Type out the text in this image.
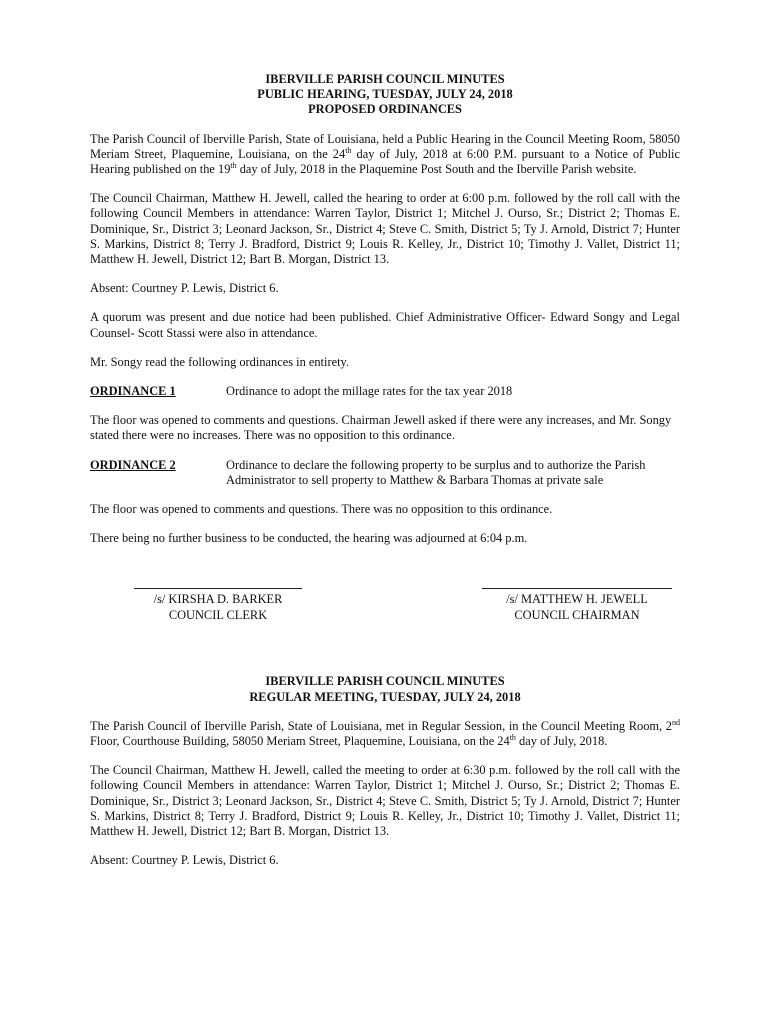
IBERVILLE PARISH COUNCIL MINUTES
PUBLIC HEARING, TUESDAY, JULY 24, 2018
PROPOSED ORDINANCES

The Parish Council of Iberville Parish, State of Louisiana, held a Public Hearing in the Council Meeting Room, 58050 Meriam Street, Plaquemine, Louisiana, on the 24th day of July, 2018 at 6:00 P.M. pursuant to a Notice of Public Hearing published on the 19th day of July, 2018 in the Plaquemine Post South and the Iberville Parish website.

The Council Chairman, Matthew H. Jewell, called the hearing to order at 6:00 p.m. followed by the roll call with the following Council Members in attendance: Warren Taylor, District 1; Mitchel J. Ourso, Sr.; District 2; Thomas E. Dominique, Sr., District 3; Leonard Jackson, Sr., District 4; Steve C. Smith, District 5; Ty J. Arnold, District 7; Hunter S. Markins, District 8; Terry J. Bradford, District 9; Louis R. Kelley, Jr., District 10; Timothy J. Vallet, District 11; Matthew H. Jewell, District 12; Bart B. Morgan, District 13.

Absent: Courtney P. Lewis, District 6.

A quorum was present and due notice had been published. Chief Administrative Officer- Edward Songy and Legal Counsel- Scott Stassi were also in attendance.

Mr. Songy read the following ordinances in entirety.

ORDINANCE 1	Ordinance to adopt the millage rates for the tax year 2018

The floor was opened to comments and questions. Chairman Jewell asked if there were any increases, and Mr. Songy stated there were no increases. There was no opposition to this ordinance.

ORDINANCE 2	Ordinance to declare the following property to be surplus and to authorize the Parish Administrator to sell property to Matthew & Barbara Thomas at private sale

The floor was opened to comments and questions. There was no opposition to this ordinance.

There being no further business to be conducted, the hearing was adjourned at 6:04 p.m.

/s/ KIRSHA D. BARKER
COUNCIL CLERK
/s/ MATTHEW H. JEWELL
COUNCIL CHAIRMAN
IBERVILLE PARISH COUNCIL MINUTES
REGULAR MEETING, TUESDAY, JULY 24, 2018

The Parish Council of Iberville Parish, State of Louisiana, met in Regular Session, in the Council Meeting Room, 2nd Floor, Courthouse Building, 58050 Meriam Street, Plaquemine, Louisiana, on the 24th day of July, 2018.

The Council Chairman, Matthew H. Jewell, called the meeting to order at 6:30 p.m. followed by the roll call with the following Council Members in attendance: Warren Taylor, District 1; Mitchel J. Ourso, Sr.; District 2; Thomas E. Dominique, Sr., District 3; Leonard Jackson, Sr., District 4; Steve C. Smith, District 5; Ty J. Arnold, District 7; Hunter S. Markins, District 8; Terry J. Bradford, District 9; Louis R. Kelley, Jr., District 10; Timothy J. Vallet, District 11; Matthew H. Jewell, District 12; Bart B. Morgan, District 13.

Absent: Courtney P. Lewis, District 6.
